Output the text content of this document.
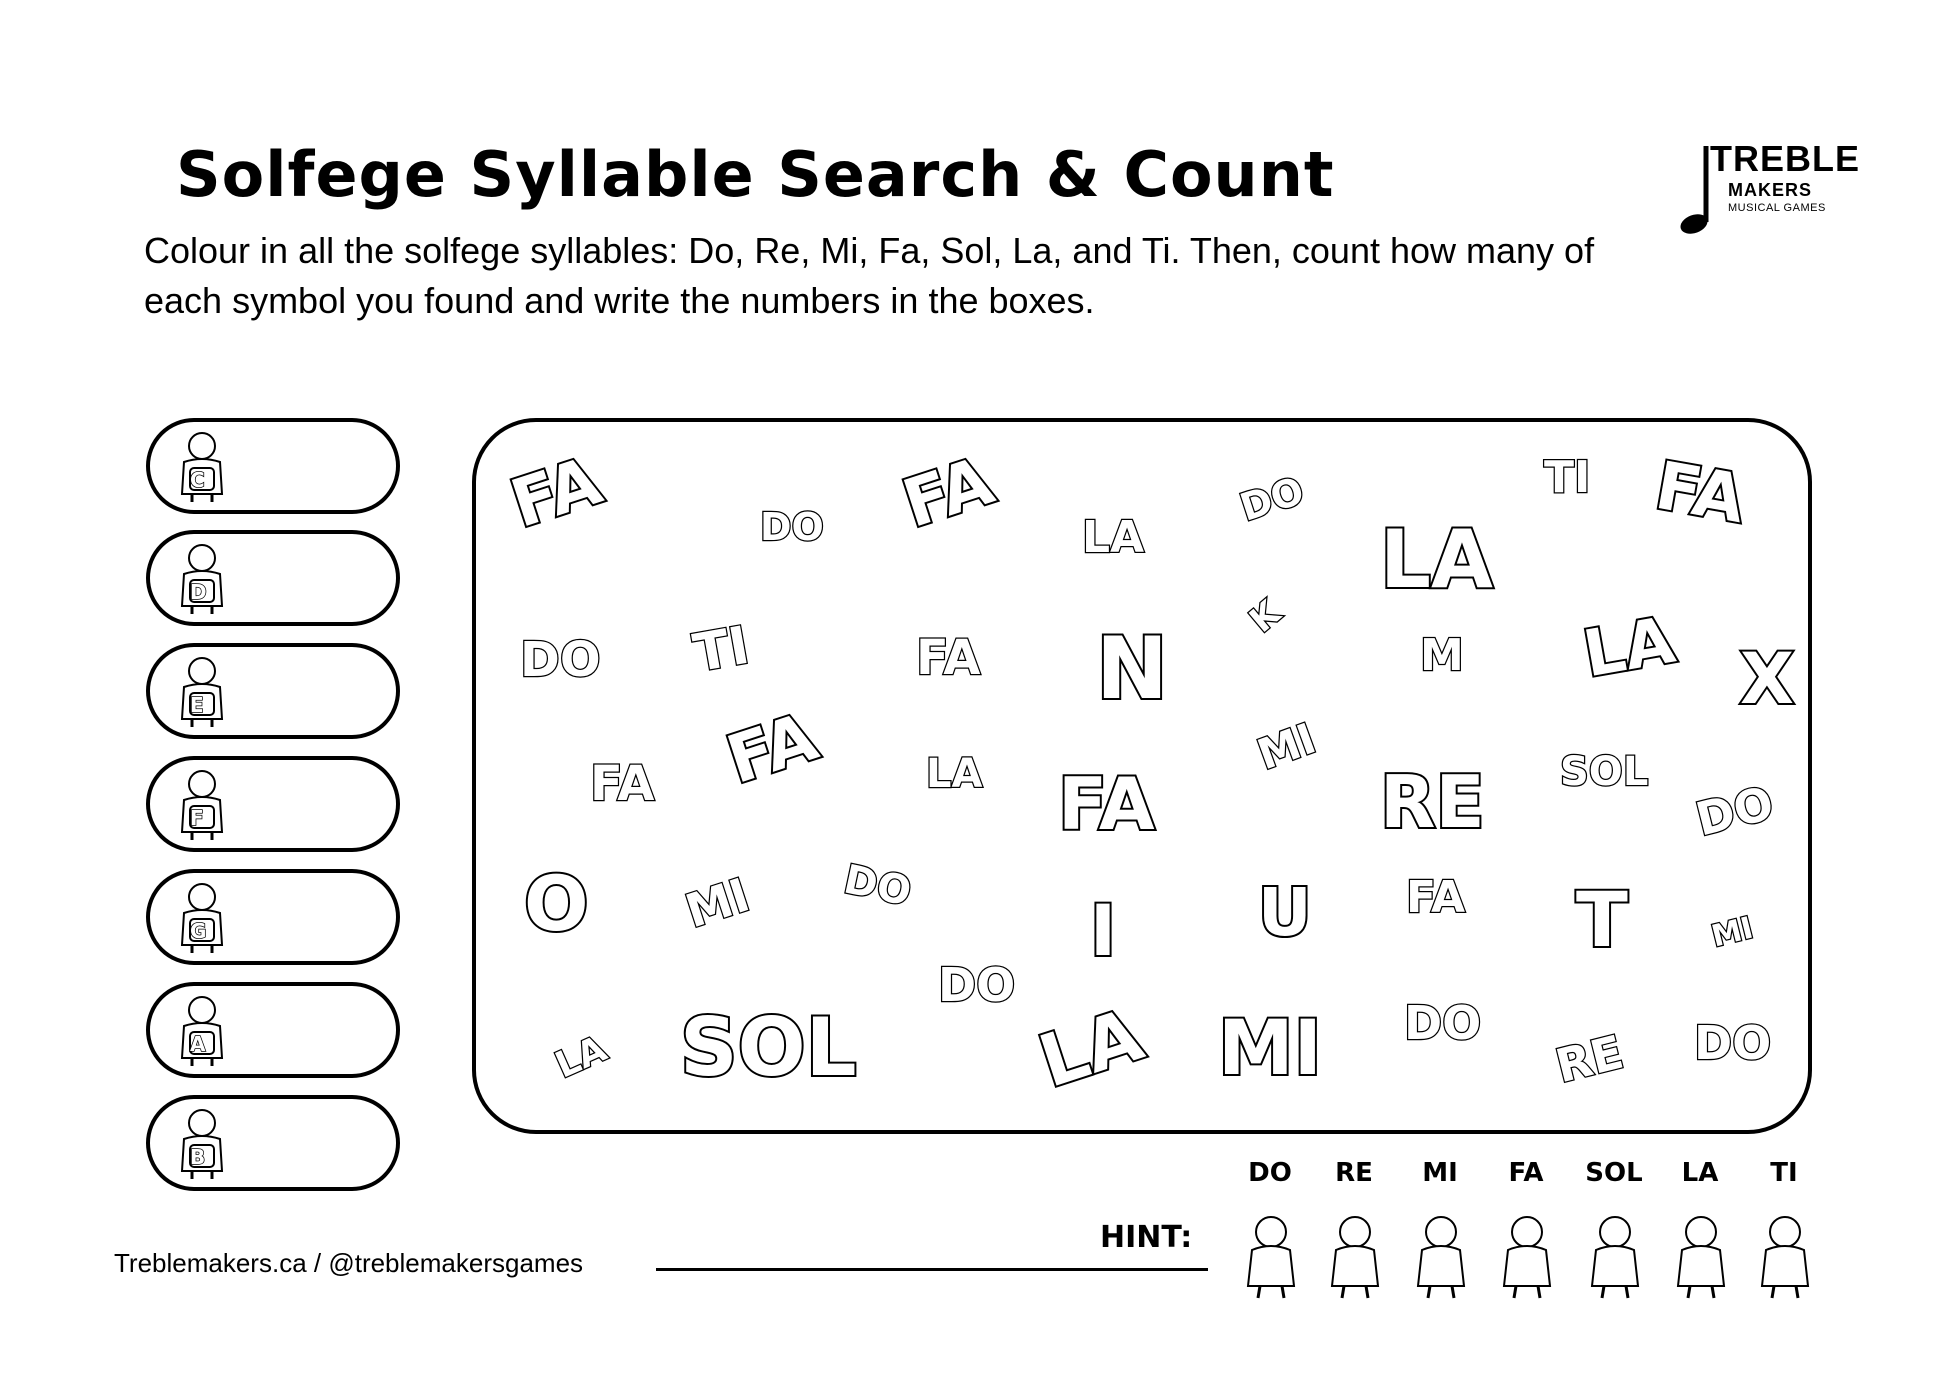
Solfege Syllable Search & Count
Colour in all the solfege syllables: Do, Re, Mi, Fa, Sol, La, and Ti. Then, count how many of each symbol you found and write the numbers in the boxes.
TREBLE
MAKERS
MUSICAL GAMES
C
D
E
F
G
A
B
FA	DO FA LA
DO	TI FA
LA
DO TI	FA N
K
M LA X
FA FA LA FA
MI
RE SOL
DO
O MI DO
I U FA T	MI
DO
LA SOL LA MI DO
RE DO
Treblemakers.ca / @treblemakersgames
HINT:
DO	RE	MI	FA	SOL	LA	TI
